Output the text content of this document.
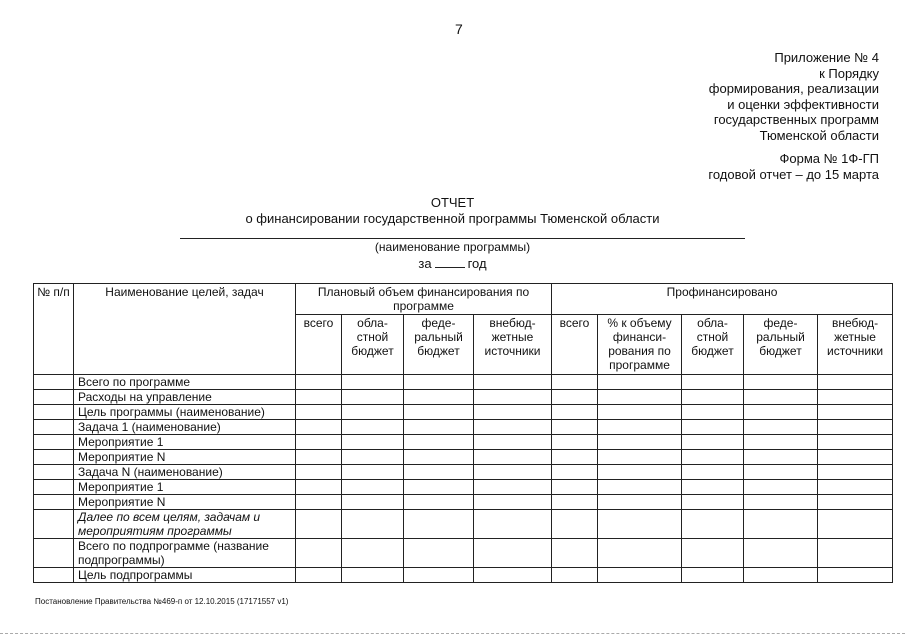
7
Приложение № 4
к Порядку
формирования, реализации
и оценки эффективности
государственных программ
Тюменской области
Форма № 1Ф-ГП
годовой отчет – до 15 марта
ОТЧЕТ
о финансировании государственной программы Тюменской области
(наименование программы)
за	год
№ п/п	Наименование целей, задач	Плановый объем финансирования по программе				Профинансировано				
		всего	обла-стной бюджет	феде-ральный бюджет	внебюд-жетные источники	всего	% к объему финанси-рования по программе	обла-стной бюджет	феде-ральный бюджет	внебюд-жетные источники
	Всего по программе									
	Расходы на управление									
	Цель программы (наименование)									
	Задача 1 (наименование)									
	Мероприятие 1									
	Мероприятие N									
	Задача N (наименование)									
	Мероприятие 1									
	Мероприятие N									
	Далее по всем целям, задачам и мероприятиям программы									
	Всего по подпрограмме (название подпрограммы)									
	Цель подпрограммы									
Постановление Правительства №469-п от 12.10.2015 (17171557 v1)
